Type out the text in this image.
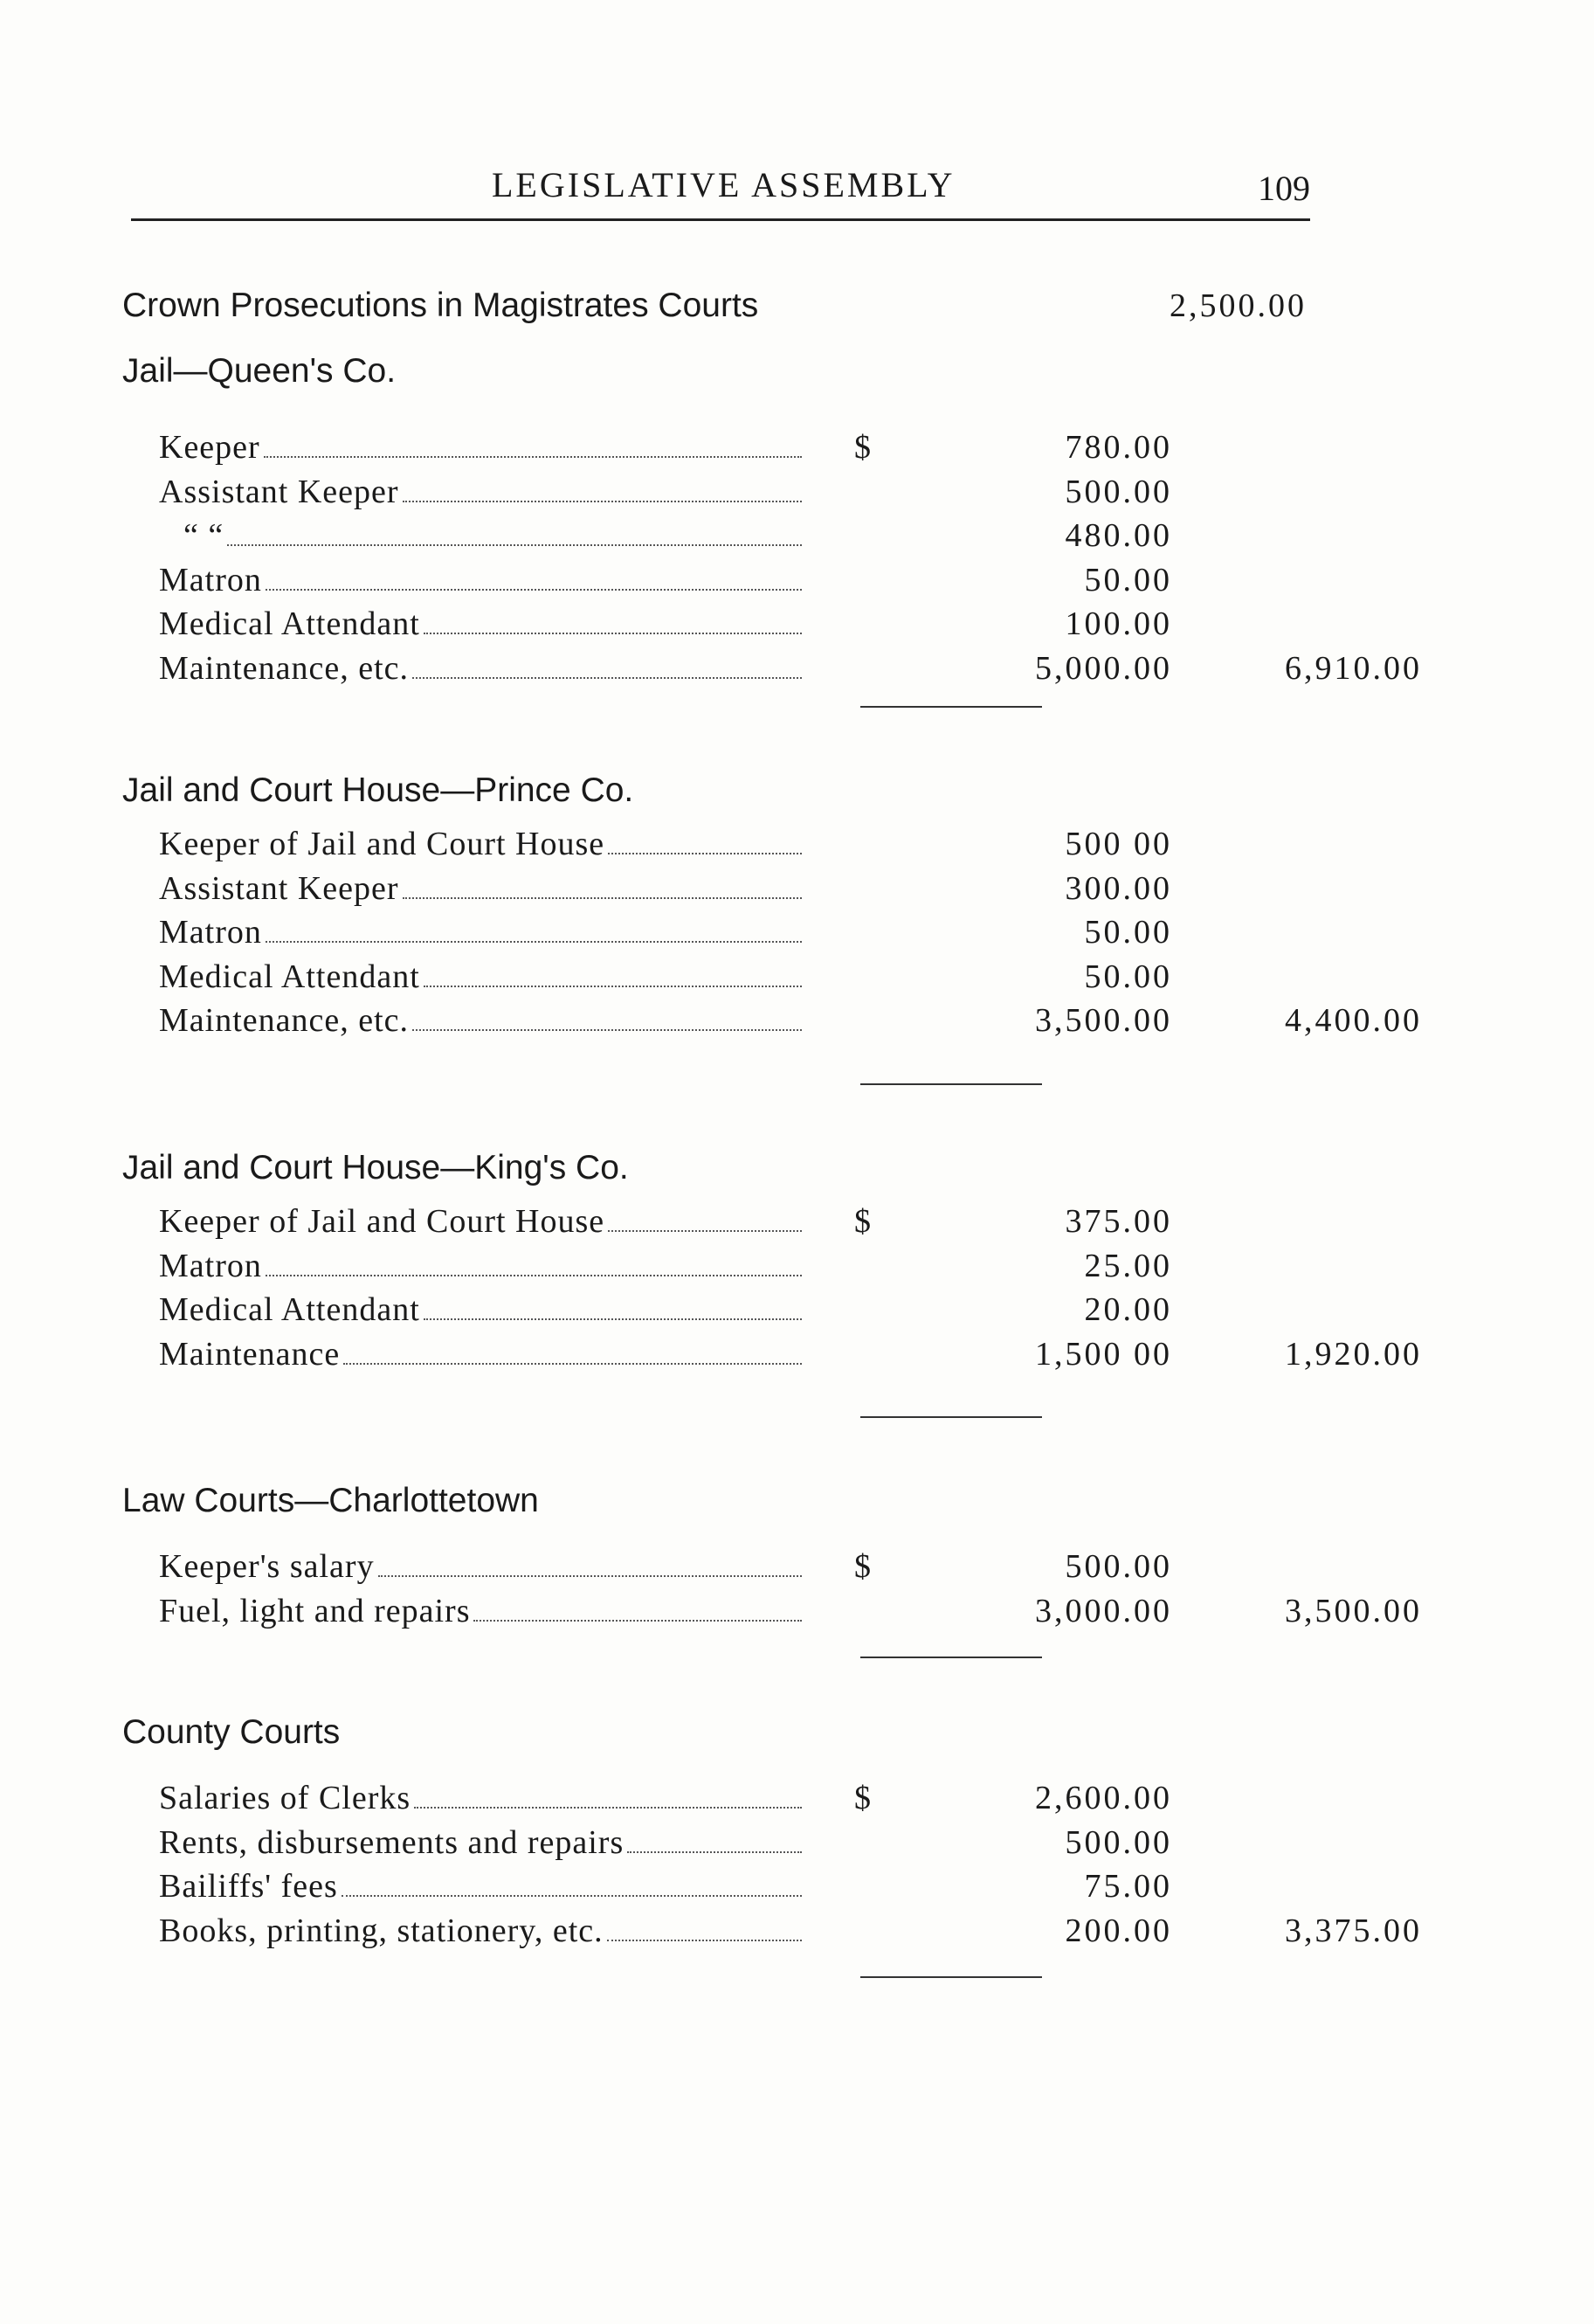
LEGISLATIVE ASSEMBLY	109
Crown Prosecutions in Magistrates Courts	2,500.00
Jail—Queen's Co.
Keeper	$	780.00
Assistant Keeper	500.00
“ “	480.00
Matron	50.00
Medical Attendant	100.00
Maintenance, etc.	5,000.00	6,910.00
Jail and Court House—Prince Co.
Keeper of Jail and Court House	500 00
Assistant Keeper	300.00
Matron	50.00
Medical Attendant	50.00
Maintenance, etc.	3,500.00	4,400.00
Jail and Court House—King's Co.
Keeper of Jail and Court House	$	375.00
Matron	25.00
Medical Attendant	20.00
Maintenance	1,500 00	1,920.00
Law Courts—Charlottetown
Keeper's salary	$	500.00
Fuel, light and repairs	3,000.00	3,500.00
County Courts
Salaries of Clerks	$	2,600.00
Rents, disbursements and repairs	500.00
Bailiffs' fees	75.00
Books, printing, stationery, etc.	200.00	3,375.00
